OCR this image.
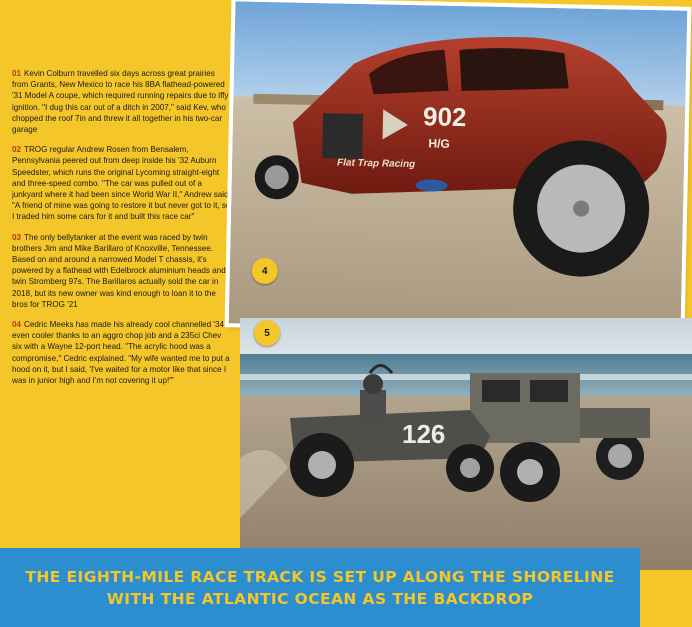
01 Kevin Colburn travelled six days across great prairies from Grants, New Mexico to race his 8BA flathead-powered '31 Model A coupe, which required running repairs due to iffy ignition. "I dug this car out of a ditch in 2007," said Kev, who chopped the roof 7in and threw it all together in his two-car garage

02 TROG regular Andrew Rosen from Bensalem, Pennsylvania peered out from deep inside his '32 Auburn Speedster, which runs the original Lycoming straight-eight and three-speed combo. "The car was pulled out of a junkyard where it had been since World War II," Andrew said. "A friend of mine was going to restore it but never got to it, so I traded him some cars for it and built this race car"

03 The only bellytanker at the event was raced by twin brothers Jim and Mike Barillaro of Knoxville, Tennessee. Based on and around a narrowed Model T chassis, it's powered by a flathead with Edelbrock aluminium heads and twin Stromberg 97s. The Barillaros actually sold the car in 2018, but its new owner was kind enough to loan it to the bros for TROG '21

04 Cedric Meeks has made his already cool channelled '34 even cooler thanks to an aggro chop job and a 235ci Chev six with a Wayne 12-port head. "The acrylic hood was a compromise," Cedric explained. "My wife wanted me to put a hood on it, but I said, 'I've waited for a motor like that since I was in junior high and I'm not covering it up!'"

902
H/G
Flat Trap Racing
4
126
5
THE EIGHTH-MILE RACE TRACK IS SET UP ALONG THE SHORELINE
WITH THE ATLANTIC OCEAN AS THE BACKDROP
